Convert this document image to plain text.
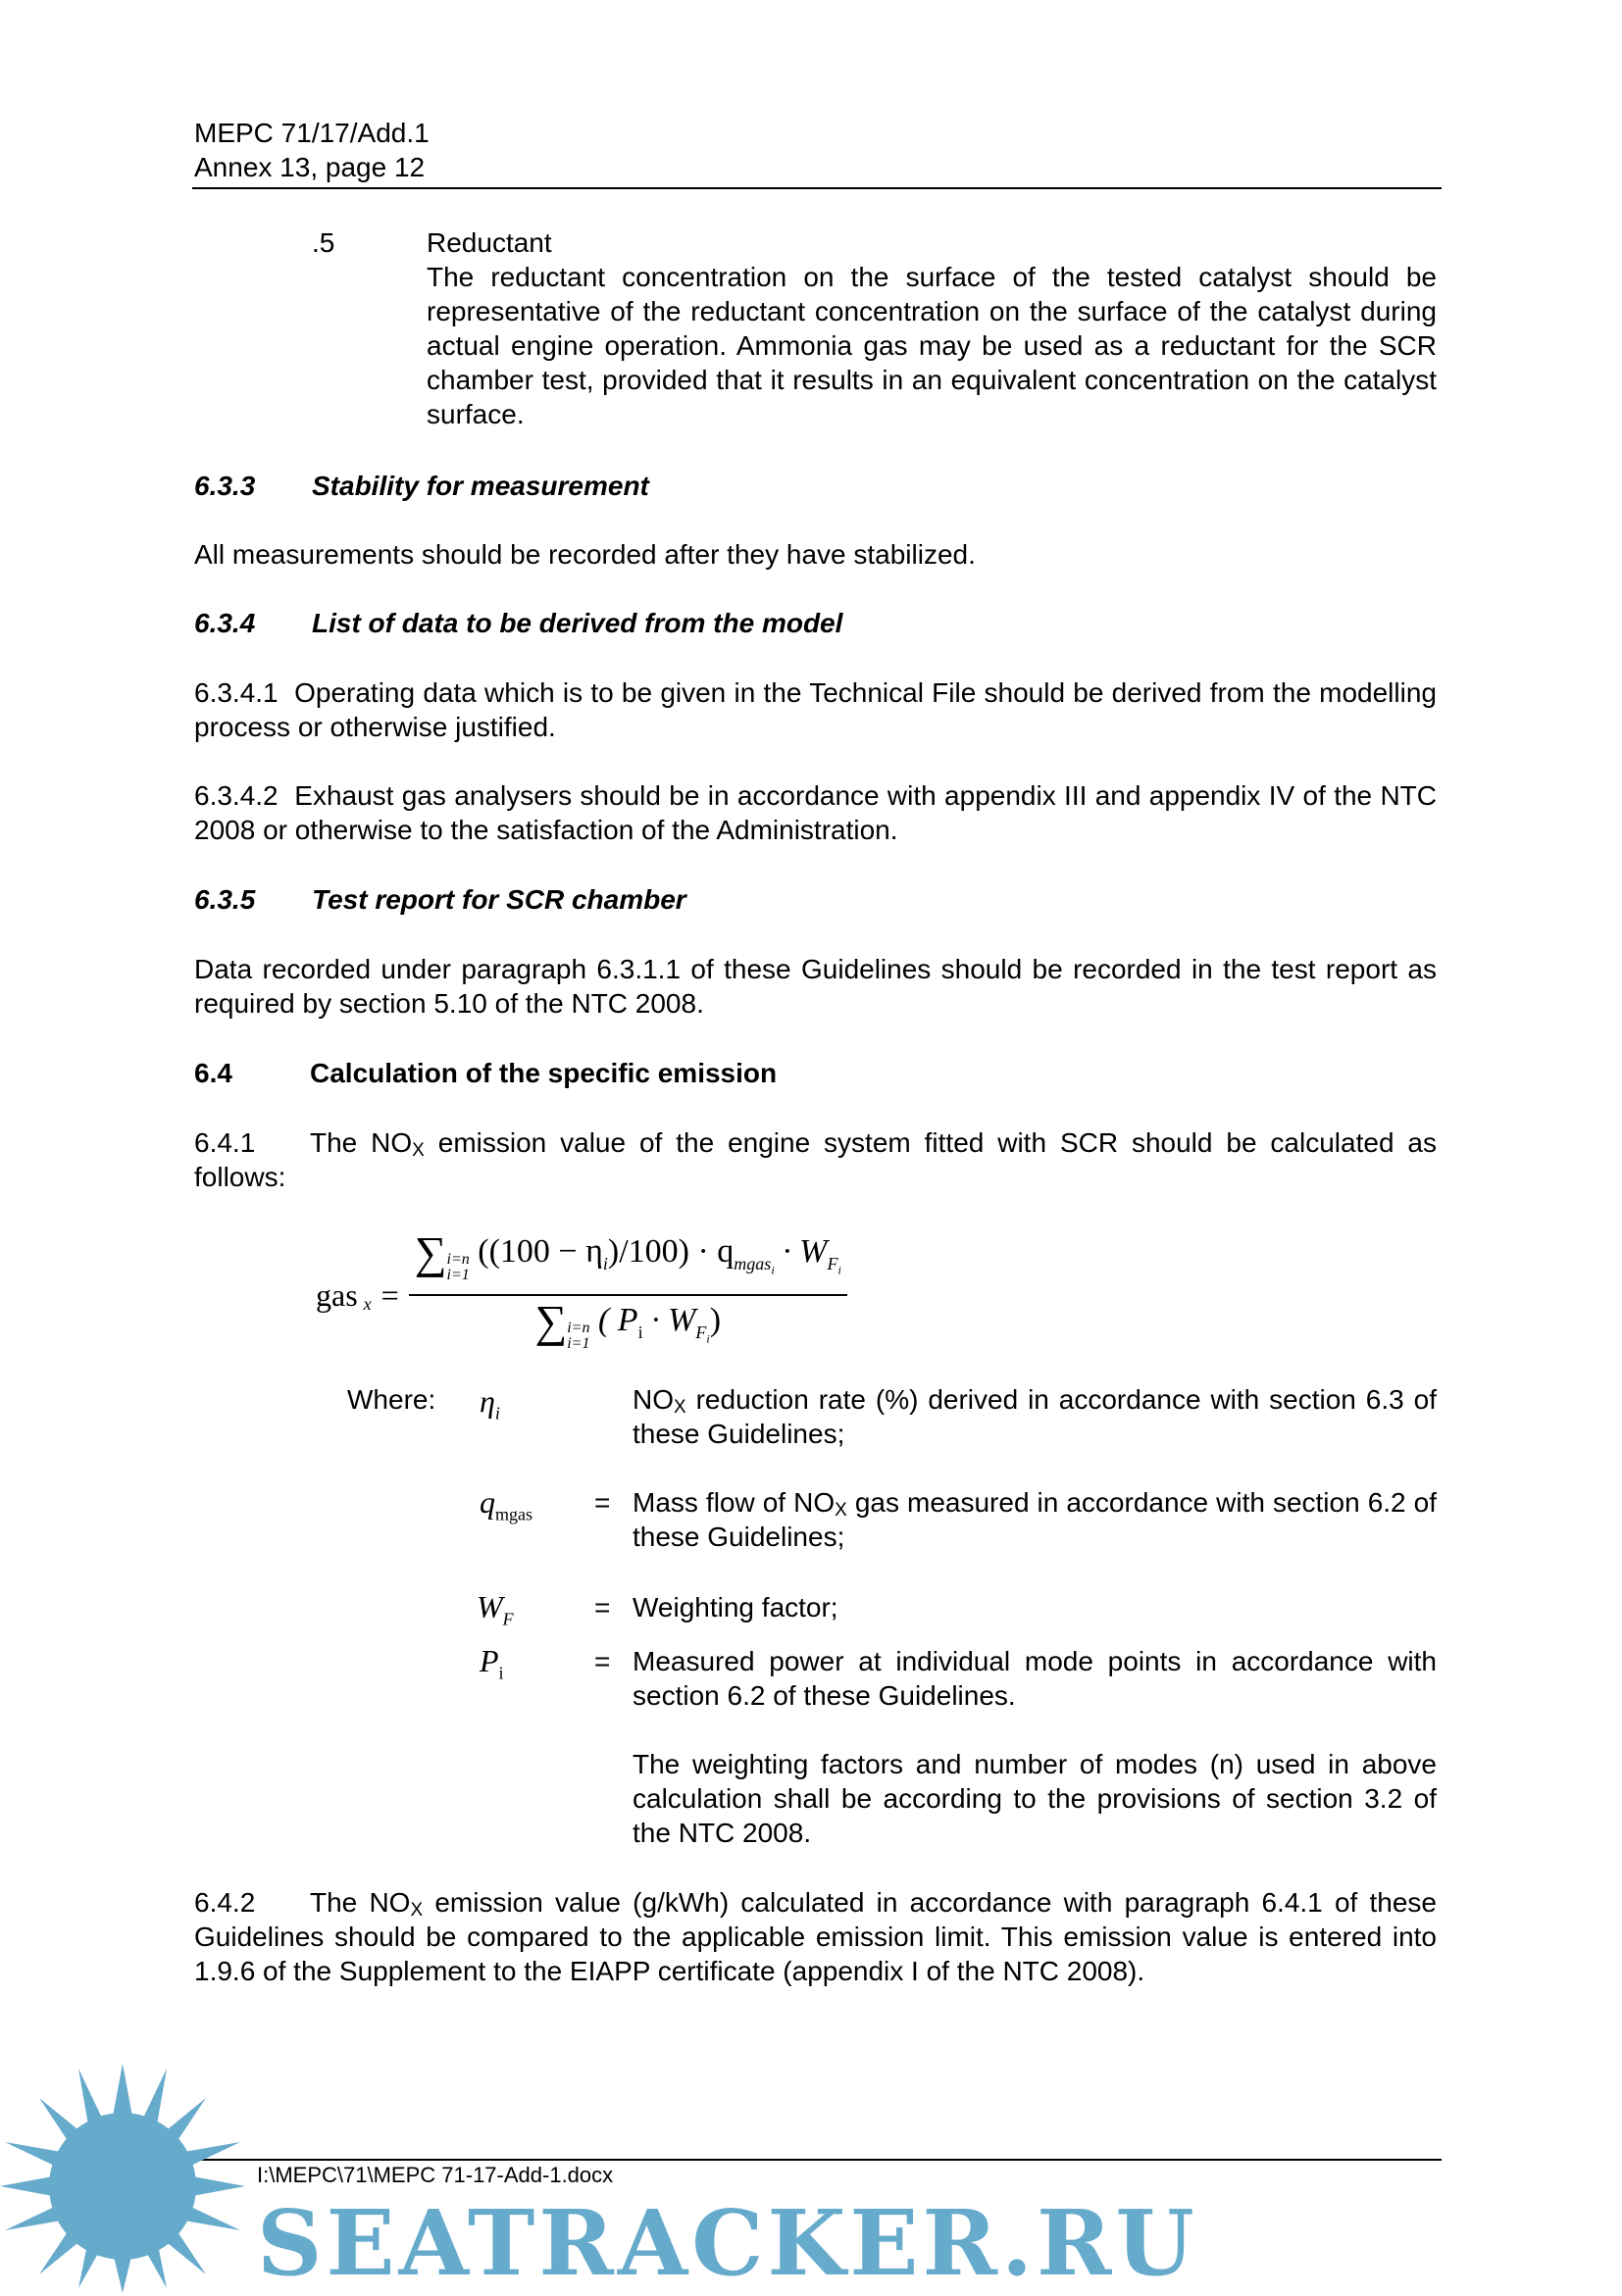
MEPC 71/17/Add.1
Annex 13, page 12
.5	Reductant
The reductant concentration on the surface of the tested catalyst should be representative of the reductant concentration on the surface of the catalyst during actual engine operation. Ammonia gas may be used as a reductant for the SCR chamber test, provided that it results in an equivalent concentration on the catalyst surface.
6.3.3 Stability for measurement
All measurements should be recorded after they have stabilized.
6.3.4 List of data to be derived from the model
6.3.4.1  Operating data which is to be given in the Technical File should be derived from the modelling process or otherwise justified.
6.3.4.2  Exhaust gas analysers should be in accordance with appendix III and appendix IV of the NTC 2008 or otherwise to the satisfaction of the Administration.
6.3.5 Test report for SCR chamber
Data recorded under paragraph 6.3.1.1 of these Guidelines should be recorded in the test report as required by section 5.10 of the NTC 2008.
6.4	Calculation of the specific emission
6.4.1 The $NO_X$ emission value of the engine system fitted with SCR should be calculated as follows:
gas x = ∑ i=n
i=1
$((100 - \eta_i)/100) \cdot q_{mgas_i} \cdot W_{F_i}$
∑ i=n
i=1
( $P_i \cdot W_{F_i}$)
Where: $\eta_i$	$NO_X$ reduction rate (%) derived in accordance with section 6.3 of these Guidelines;
$q_{mgas}$ = Mass flow of $NO_X$ gas measured in accordance with section 6.2 of these Guidelines;
$W_F$	= Weighting factor;
$P_i$	= Measured power at individual mode points in accordance with section 6.2 of these Guidelines.
The weighting factors and number of modes (n) used in above calculation shall be according to the provisions of section 3.2 of the NTC 2008.
6.4.2 The $NO_X$ emission value (g/kWh) calculated in accordance with paragraph 6.4.1 of these Guidelines should be compared to the applicable emission limit. This emission value is entered into 1.9.6 of the Supplement to the EIAPP certificate (appendix I of the NTC 2008).
I:\MEPC\71\MEPC 71-17-Add-1.docx
SEATRACKER.RU
